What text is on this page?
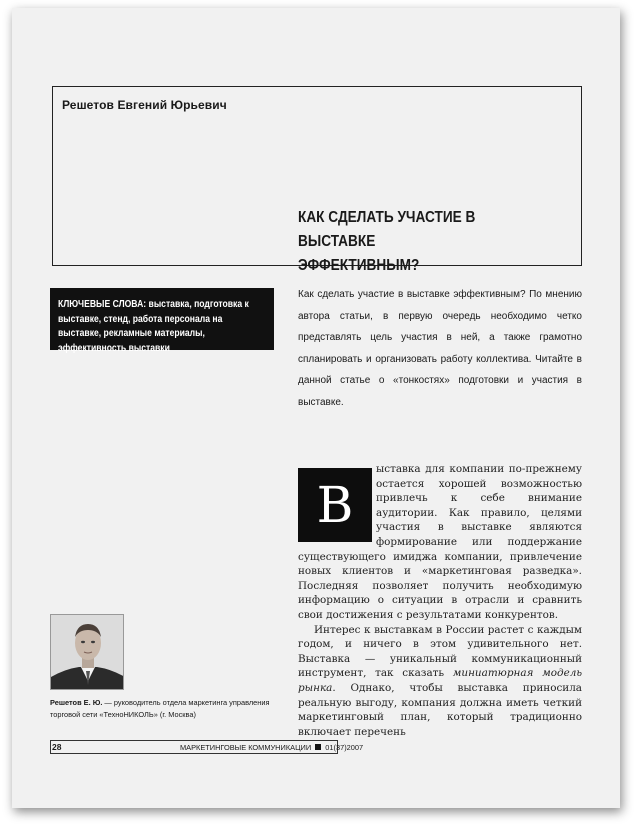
Решетов Евгений Юрьевич
КАК СДЕЛАТЬ УЧАСТИЕ В ВЫСТАВКЕ
ЭФФЕКТИВНЫМ?

КЛЮЧЕВЫЕ СЛОВА: выставка, подготовка к выставке, стенд, работа персонала на выставке, рекламные материалы, эффективность выставки

Как сделать участие в выставке эффективным? По мнению автора статьи, в первую очередь необходимо четко представлять цель участия в ней, а также грамотно спланировать и организовать работу коллектива. Читайте в данной статье о «тонкостях» подготовки и участия в выставке.

В

ыставка для компании по-прежнему остается хорошей возможностью привлечь к себе внимание аудитории. Как правило, целями участия в выставке являются формирование или поддержание существующего имиджа компании, привлечение новых клиентов и «маркетинговая разведка». Последняя позволяет получить необходимую информацию о ситуации в отрасли и сравнить свои достижения с результатами конкурентов.

Интерес к выставкам в России растет с каждым годом, и ничего в этом удивительного нет. Выставка — уникальный коммуникационный инструмент, так сказать миниатюрная модель рынка. Однако, чтобы выставка приносила реальную выгоду, компания должна иметь четкий маркетинговый план, который традиционно включает перечень

Решетов Е. Ю. — руководитель отдела маркетинга управления торговой сети «ТехноНИКОЛЬ» (г. Москва)
28	МАРКЕТИНГОВЫЕ КОММУНИКАЦИИ 01(37)2007
